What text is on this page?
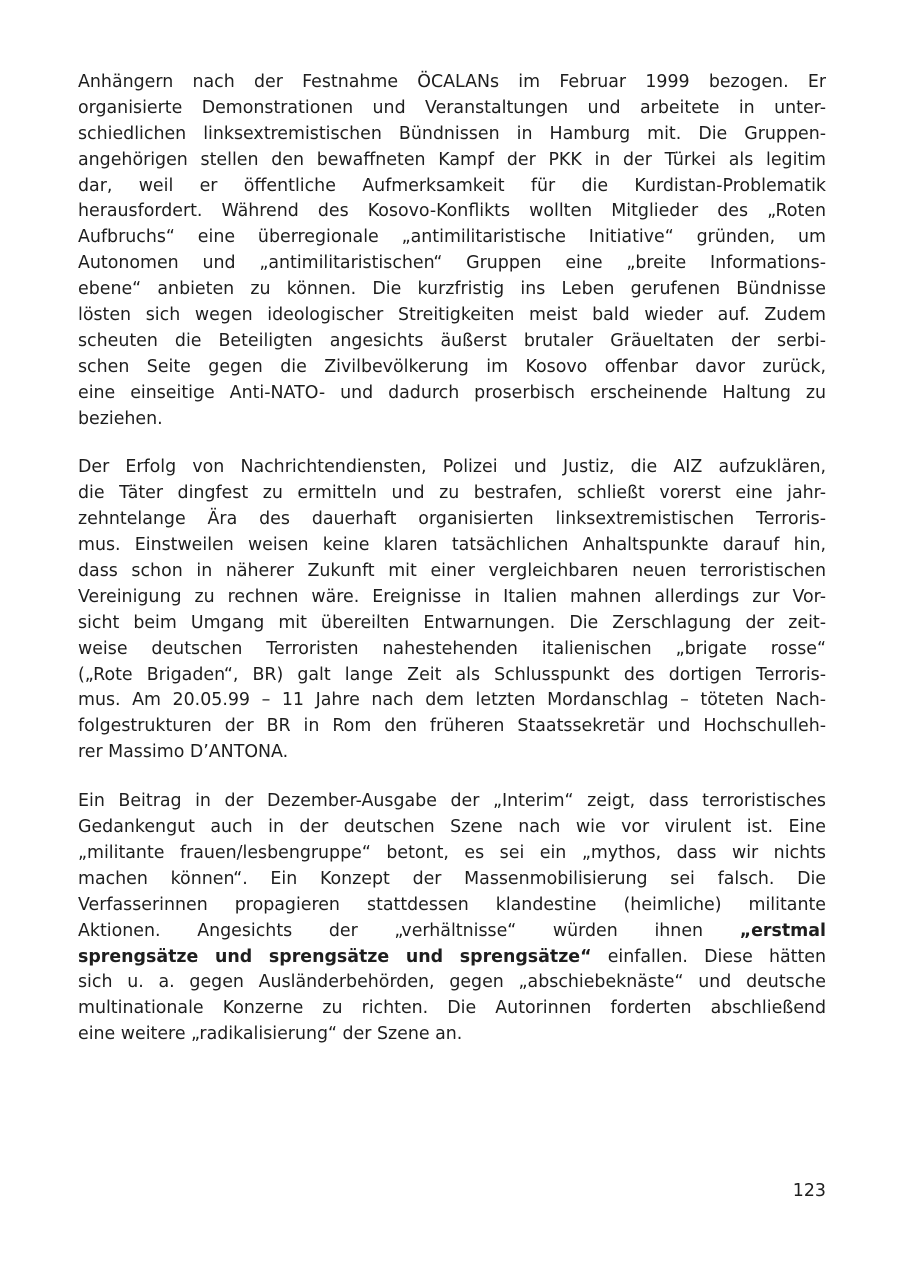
Anhängern nach der Festnahme ÖCALANs im Februar 1999 bezogen. Er
organisierte Demonstrationen und Veranstaltungen und arbeitete in unter-
schiedlichen linksextremistischen Bündnissen in Hamburg mit. Die Gruppen-
angehörigen stellen den bewaffneten Kampf der PKK in der Türkei als legitim
dar, weil er öffentliche Aufmerksamkeit für die Kurdistan-Problematik
herausfordert. Während des Kosovo-Konflikts wollten Mitglieder des „Roten
Aufbruchs“ eine überregionale „antimilitaristische Initiative“ gründen, um
Autonomen und „antimilitaristischen“ Gruppen eine „breite Informations-
ebene“ anbieten zu können. Die kurzfristig ins Leben gerufenen Bündnisse
lösten sich wegen ideologischer Streitigkeiten meist bald wieder auf. Zudem
scheuten die Beteiligten angesichts äußerst brutaler Gräueltaten der serbi-
schen Seite gegen die Zivilbevölkerung im Kosovo offenbar davor zurück,
eine einseitige Anti-NATO- und dadurch proserbisch erscheinende Haltung zu
beziehen.

Der Erfolg von Nachrichtendiensten, Polizei und Justiz, die AIZ aufzuklären,
die Täter dingfest zu ermitteln und zu bestrafen, schließt vorerst eine jahr-
zehntelange Ära des dauerhaft organisierten linksextremistischen Terroris-
mus. Einstweilen weisen keine klaren tatsächlichen Anhaltspunkte darauf hin,
dass schon in näherer Zukunft mit einer vergleichbaren neuen terroristischen
Vereinigung zu rechnen wäre. Ereignisse in Italien mahnen allerdings zur Vor-
sicht beim Umgang mit übereilten Entwarnungen. Die Zerschlagung der zeit-
weise deutschen Terroristen nahestehenden italienischen „brigate rosse“
(„Rote Brigaden“, BR) galt lange Zeit als Schlusspunkt des dortigen Terroris-
mus. Am 20.05.99 – 11 Jahre nach dem letzten Mordanschlag – töteten Nach-
folgestrukturen der BR in Rom den früheren Staatssekretär und Hochschulleh-
rer Massimo D’ANTONA.

Ein Beitrag in der Dezember-Ausgabe der „Interim“ zeigt, dass terroristisches
Gedankengut auch in der deutschen Szene nach wie vor virulent ist. Eine
„militante frauen/lesbengruppe“ betont, es sei ein „mythos, dass wir nichts
machen können“. Ein Konzept der Massenmobilisierung sei falsch. Die
Verfasserinnen propagieren stattdessen klandestine (heimliche) militante
Aktionen. Angesichts der „verhältnisse“ würden ihnen „erstmal
sprengsätze und sprengsätze und sprengsätze“ einfallen. Diese hätten
sich u. a. gegen Ausländerbehörden, gegen „abschiebeknäste“ und deutsche
multinationale Konzerne zu richten. Die Autorinnen forderten abschließend
eine weitere „radikalisierung“ der Szene an.

123
